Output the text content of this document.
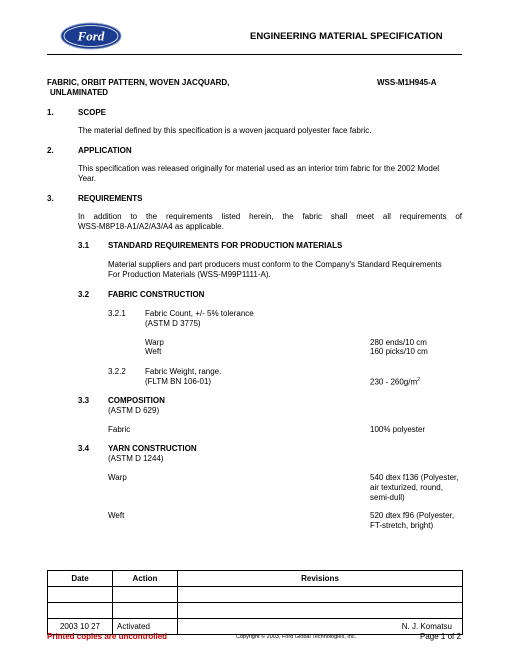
Ford	ENGINEERING MATERIAL SPECIFICATION
FABRIC, ORBIT PATTERN, WOVEN JACQUARD,
UNLAMINATED
WSS-M1H945-A
1.	SCOPE
The material defined by this specification is a woven jacquard polyester face fabric.
2.	APPLICATION
This specification was released originally for material used as an interior trim fabric for the 2002 Model
Year.
3.	REQUIREMENTS
In addition to the requirements listed herein, the fabric shall meet all requirements of
WSS-M8P18-A1/A2/A3/A4 as applicable.
3.1 STANDARD REQUIREMENTS FOR PRODUCTION MATERIALS
Material suppliers and part producers must conform to the Company's Standard Requirements
For Production Materials (WSS-M99P1111-A).
3.2 FABRIC CONSTRUCTION
3.2.1 Fabric Count, +/- 5% tolerance
(ASTM D 3775)
Warp	280 ends/10 cm
Weft	160 picks/10 cm
3.2.2 Fabric Weight, range.
(FLTM BN 106-01)	$230 - 260g/m^2$
3.3 COMPOSITION
(ASTM D 629)
Fabric	100% polyester
3.4 YARN CONSTRUCTION
(ASTM D 1244)
Warp	540 dtex f136 (Polyester,
air texturized, round,
semi-dull)
Weft	520 dtex f96 (Polyester,
FT-stretch, bright)
Date	Action	Revisions

2003 10 27	Activated	N. J. Komatsu
Printed copies are uncontrolled	Copyright © 2003, Ford Global Technologies, Inc.	Page 1 of 2
